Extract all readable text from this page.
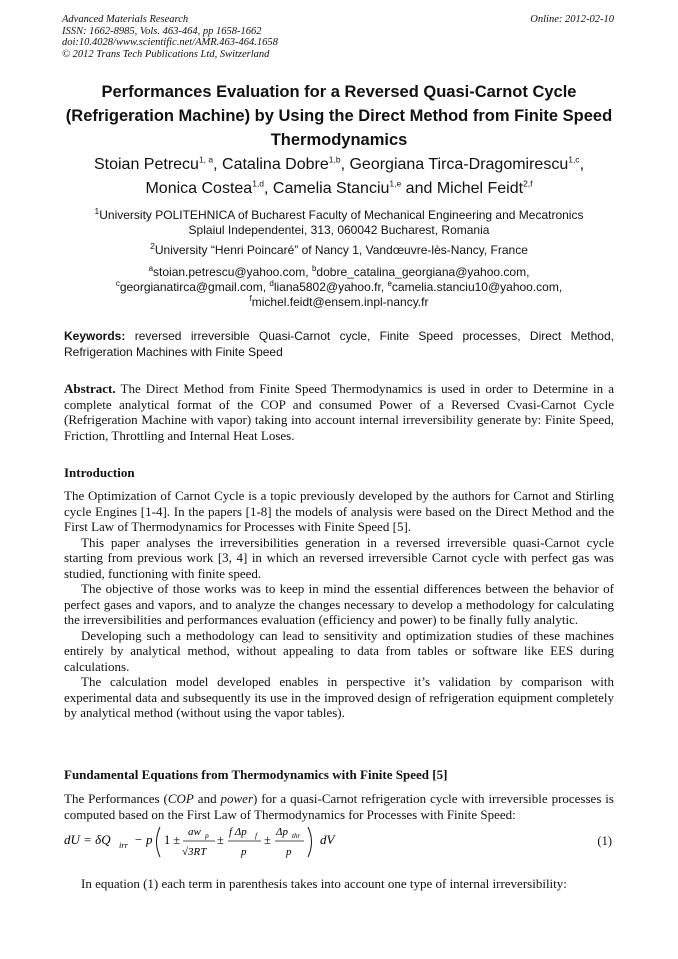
Advanced Materials Research
ISSN: 1662-8985, Vols. 463-464, pp 1658-1662
doi:10.4028/www.scientific.net/AMR.463-464.1658
© 2012 Trans Tech Publications Ltd, Switzerland
Online: 2012-02-10
Performances Evaluation for a Reversed Quasi-Carnot Cycle
(Refrigeration Machine) by Using the Direct Method from Finite Speed
Thermodynamics
Stoian Petrecu$^{1, a}$, Catalina Dobre$^{1,b}$, Georgiana Tirca-Dragomirescu$^{1,c}$,
Monica Costea$^{1,d}$, Camelia Stanciu$^{1,e}$ and Michel Feidt$^{2,f}$
$^1$University POLITEHNICA of Bucharest Faculty of Mechanical Engineering and Mecatronics
Splaiul Independentei, 313, 060042 Bucharest, Romania
$^2$University “Henri Poincaré” of Nancy 1, Vandœuvre-lès-Nancy, France
$^a$stoian.petrescu@yahoo.com, $^b$dobre_catalina_georgiana@yahoo.com,
$^c$georgianatirca@gmail.com, $^d$liana5802@yahoo.fr, $^e$camelia.stanciu10@yahoo.com,
$^f$michel.feidt@ensem.inpl-nancy.fr
Keywords: reversed irreversible Quasi-Carnot cycle, Finite Speed processes, Direct Method, Refrigeration Machines with Finite Speed

Abstract. The Direct Method from Finite Speed Thermodynamics is used in order to Determine in a complete analytical format of the COP and consumed Power of a Reversed Cvasi-Carnot Cycle (Refrigeration Machine with vapor) taking into account internal irreversibility generate by: Finite Speed, Friction, Throttling and Internal Heat Loses.

Introduction

The Optimization of Carnot Cycle is a topic previously developed by the authors for Carnot and Stirling cycle Engines [1-4]. In the papers [1-8] the models of analysis were based on the Direct Method and the First Law of Thermodynamics for Processes with Finite Speed [5].

This paper analyses the irreversibilities generation in a reversed irreversible quasi-Carnot cycle starting from previous work [3, 4] in which an reversed irreversible Carnot cycle with perfect gas was studied, functioning with finite speed.

The objective of those works was to keep in mind the essential differences between the behavior of perfect gases and vapors, and to analyze the changes necessary to develop a methodology for calculating the irreversibilities and performances evaluation (efficiency and power) to be finally fully analytic.

Developing such a methodology can lead to sensitivity and optimization studies of these machines entirely by analytical method, without appealing to data from tables or software like EES during calculations.

The calculation model developed enables in perspective it’s validation by comparison with experimental data and subsequently its use in the improved design of refrigeration equipment completely by analytical method (without using the vapor tables).

Fundamental Equations from Thermodynamics with Finite Speed [5]

The Performances (COP and power) for a quasi-Carnot refrigeration cycle with irreversible processes is computed based on the First Law of Thermodynamics for Processes with Finite Speed:

dU = δQ irr − p 1 ±
aw p
√3RT
±
f Δp f
p
±
Δp thr
p
dV	(1)

In equation (1) each term in parenthesis takes into account one type of internal irreversibility:
